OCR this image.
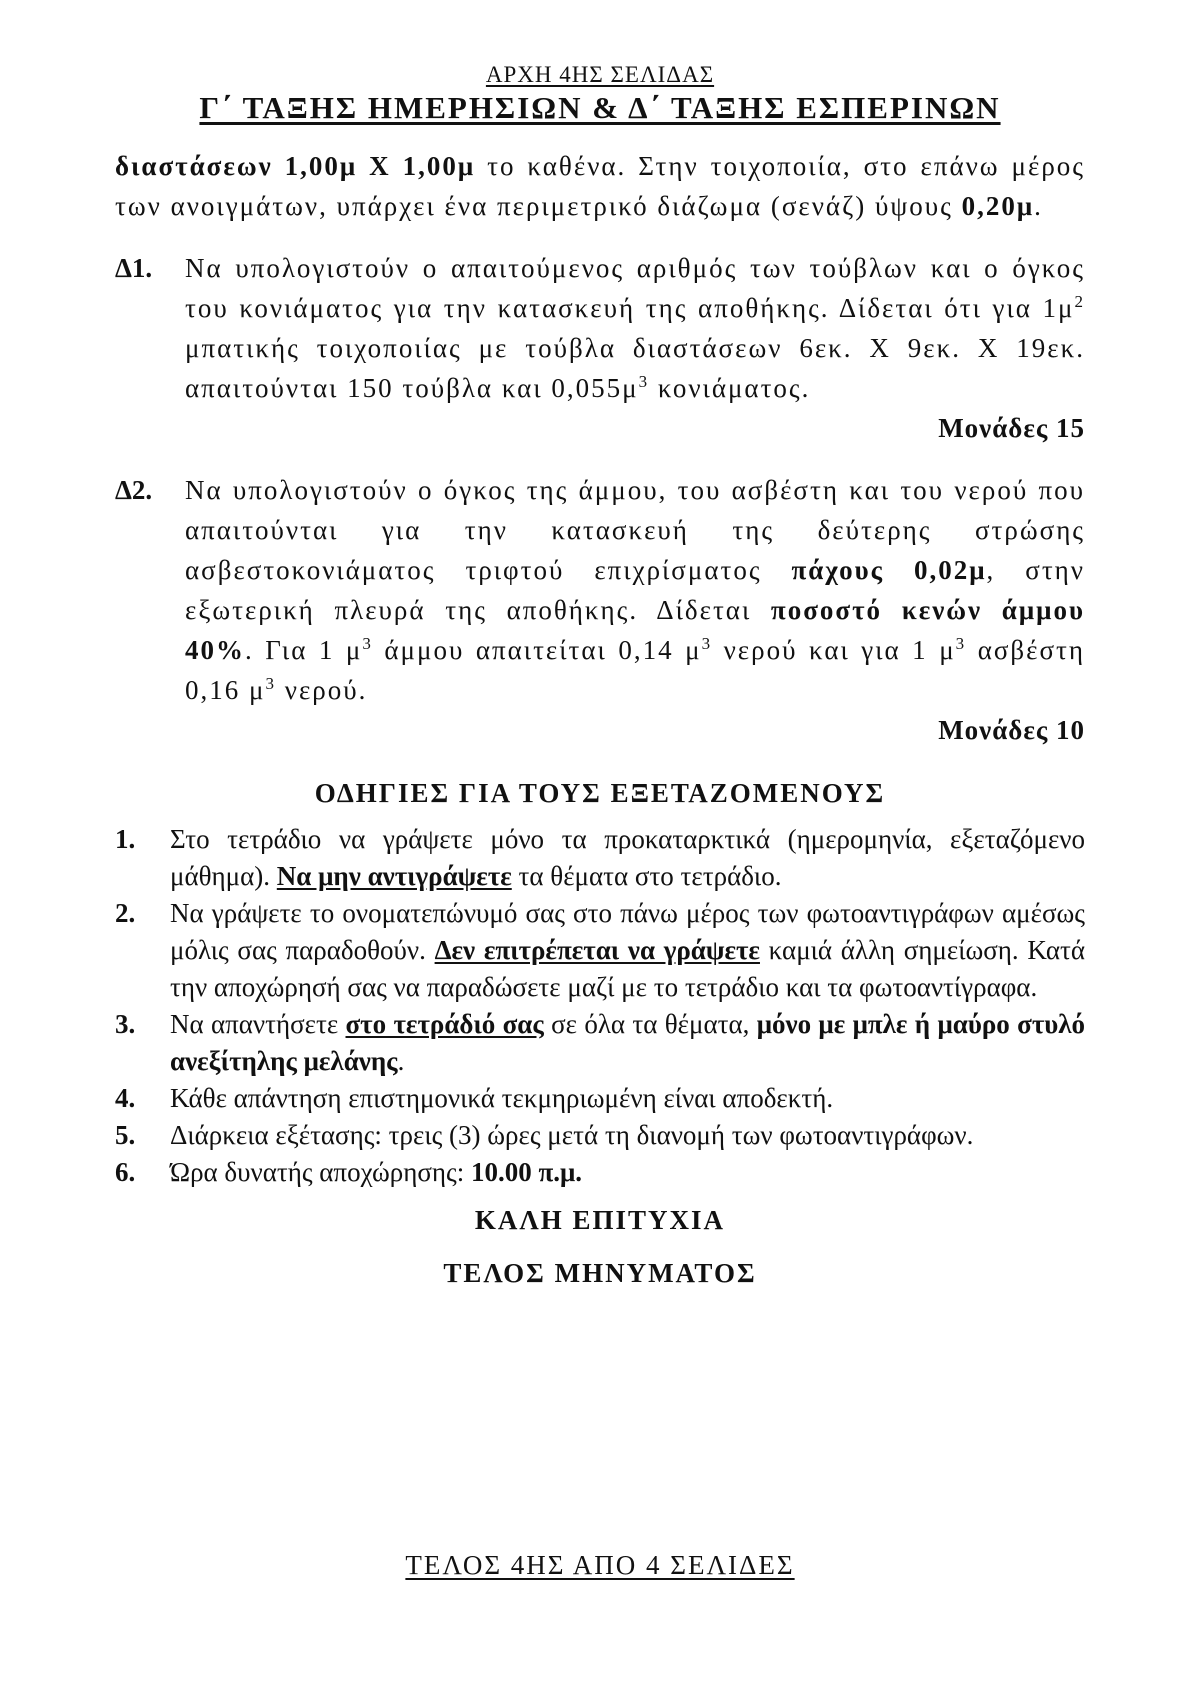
ΑΡΧΗ 4ΗΣ ΣΕΛΙΔΑΣ
Γ΄ ΤΑΞΗΣ ΗΜΕΡΗΣΙΩΝ & Δ΄ ΤΑΞΗΣ ΕΣΠΕΡΙΝΩΝ
διαστάσεων 1,00μ Χ 1,00μ το καθένα. Στην τοιχοποιία, στο επάνω μέρος των ανοιγμάτων, υπάρχει ένα περιμετρικό διάζωμα (σενάζ) ύψους 0,20μ.
Δ1.	Να υπολογιστούν ο απαιτούμενος αριθμός των τούβλων και ο όγκος του κονιάματος για την κατασκευή της αποθήκης. Δίδεται ότι για $1\mu^2$ μπατικής τοιχοποιίας με τούβλα διαστάσεων 6εκ. Χ 9εκ. Χ 19εκ. απαιτούνται 150 τούβλα και $0,055\mu^3$ κονιάματος.
Μονάδες 15
Δ2.	Να υπολογιστούν ο όγκος της άμμου, του ασβέστη και του νερού που απαιτούνται για την κατασκευή της δεύτερης στρώσης ασβεστοκονιάματος τριφτού επιχρίσματος πάχους 0,02μ, στην εξωτερική πλευρά της αποθήκης. Δίδεται ποσοστό κενών άμμου 40%. Για 1 $\mu^3$ άμμου απαιτείται 0,14 $\mu^3$ νερού και για 1 $\mu^3$ ασβέστη 0,16 $\mu^3$ νερού.
Μονάδες 10
ΟΔΗΓΙΕΣ ΓΙΑ ΤΟΥΣ ΕΞΕΤΑΖΟΜΕΝΟΥΣ
1.	Στο τετράδιο να γράψετε μόνο τα προκαταρκτικά (ημερομηνία, εξεταζόμενο μάθημα). Να μην αντιγράψετε τα θέματα στο τετράδιο.
2.	Να γράψετε το ονοματεπώνυμό σας στο πάνω μέρος των φωτοαντιγράφων αμέσως μόλις σας παραδοθούν. Δεν επιτρέπεται να γράψετε καμιά άλλη σημείωση. Κατά την αποχώρησή σας να παραδώσετε μαζί με το τετράδιο και τα φωτοαντίγραφα.
3.	Να απαντήσετε στο τετράδιό σας σε όλα τα θέματα, μόνο με μπλε ή μαύρο στυλό ανεξίτηλης μελάνης.
4.	Κάθε απάντηση επιστημονικά τεκμηριωμένη είναι αποδεκτή.
5.	Διάρκεια εξέτασης: τρεις (3) ώρες μετά τη διανομή των φωτοαντιγράφων.
6.	Ώρα δυνατής αποχώρησης: 10.00 π.μ.
ΚΑΛΗ ΕΠΙΤΥΧΙΑ
ΤΕΛΟΣ ΜΗΝΥΜΑΤΟΣ
ΤΕΛΟΣ 4ΗΣ ΑΠΟ 4 ΣΕΛΙΔΕΣ
